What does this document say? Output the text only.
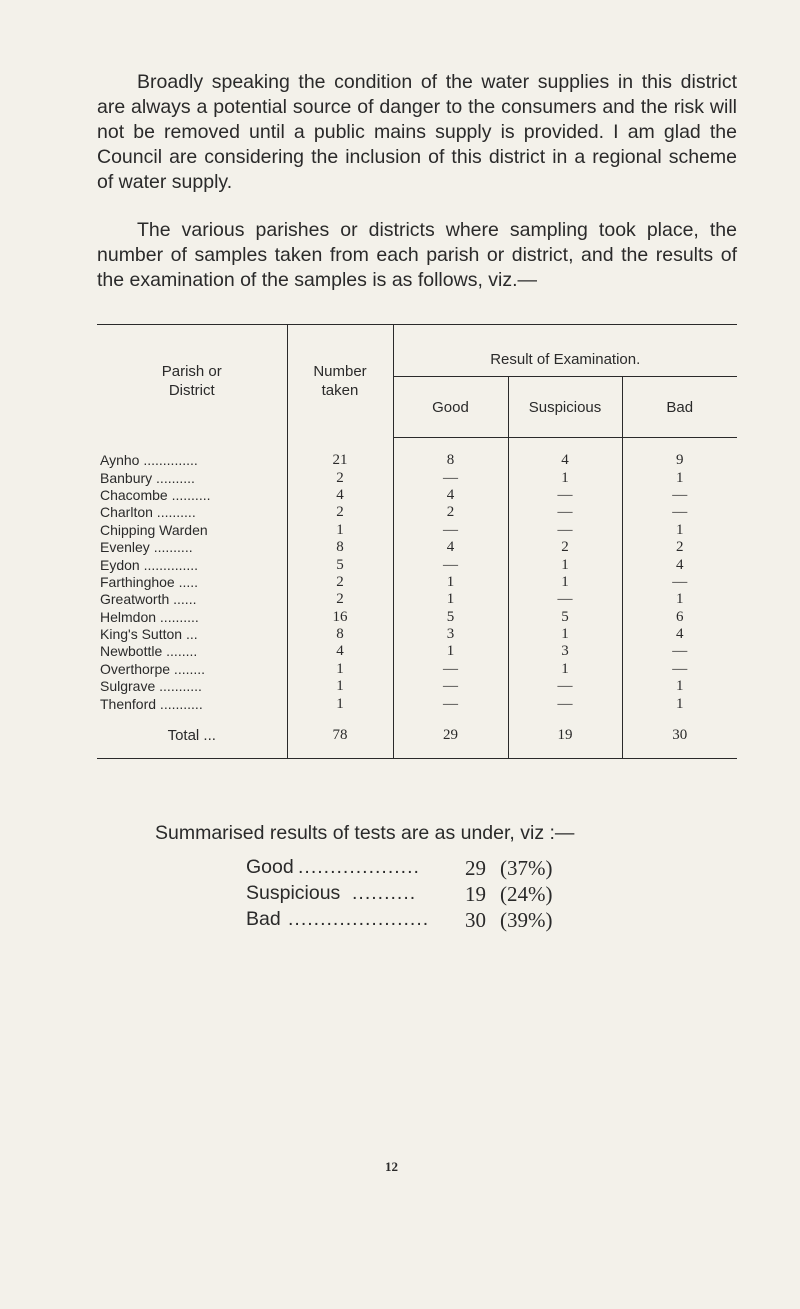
Broadly speaking the condition of the water supplies in this district are always a potential source of danger to the consumers and the risk will not be removed until a public mains supply is provided. I am glad the Council are considering the inclusion of this district in a regional scheme of water supply.

The various parishes or districts where sampling took place, the number of samples taken from each parish or district, and the results of the examination of the samples is as follows, viz.—

Parish or District	Number taken	Result of Examination.		
		Good	Suspicious	Bad
Aynho ..............	21	8	4	9
Banbury ..........	2	—	1	1
Chacombe ..........	4	4	—	—
Charlton ..........	2	2	—	—
Chipping Warden	1	—	—	1
Evenley ..........	8	4	2	2
Eydon ..............	5	—	1	4
Farthinghoe .....	2	1	1	—
Greatworth ......	2	1	—	1
Helmdon ..........	16	5	5	6
King's Sutton ...	8	3	1	4
Newbottle ........	4	1	3	—
Overthorpe ........	1	—	1	—
Sulgrave ...........	1	—	—	1
Thenford ...........	1	—	—	1
Total ...	78	29	19	30

Summarised results of tests are as under, viz :—
Good ................... 29 (37%)
Suspicious .......... 19 (24%)
Bad ...................... 30 (39%)
12
